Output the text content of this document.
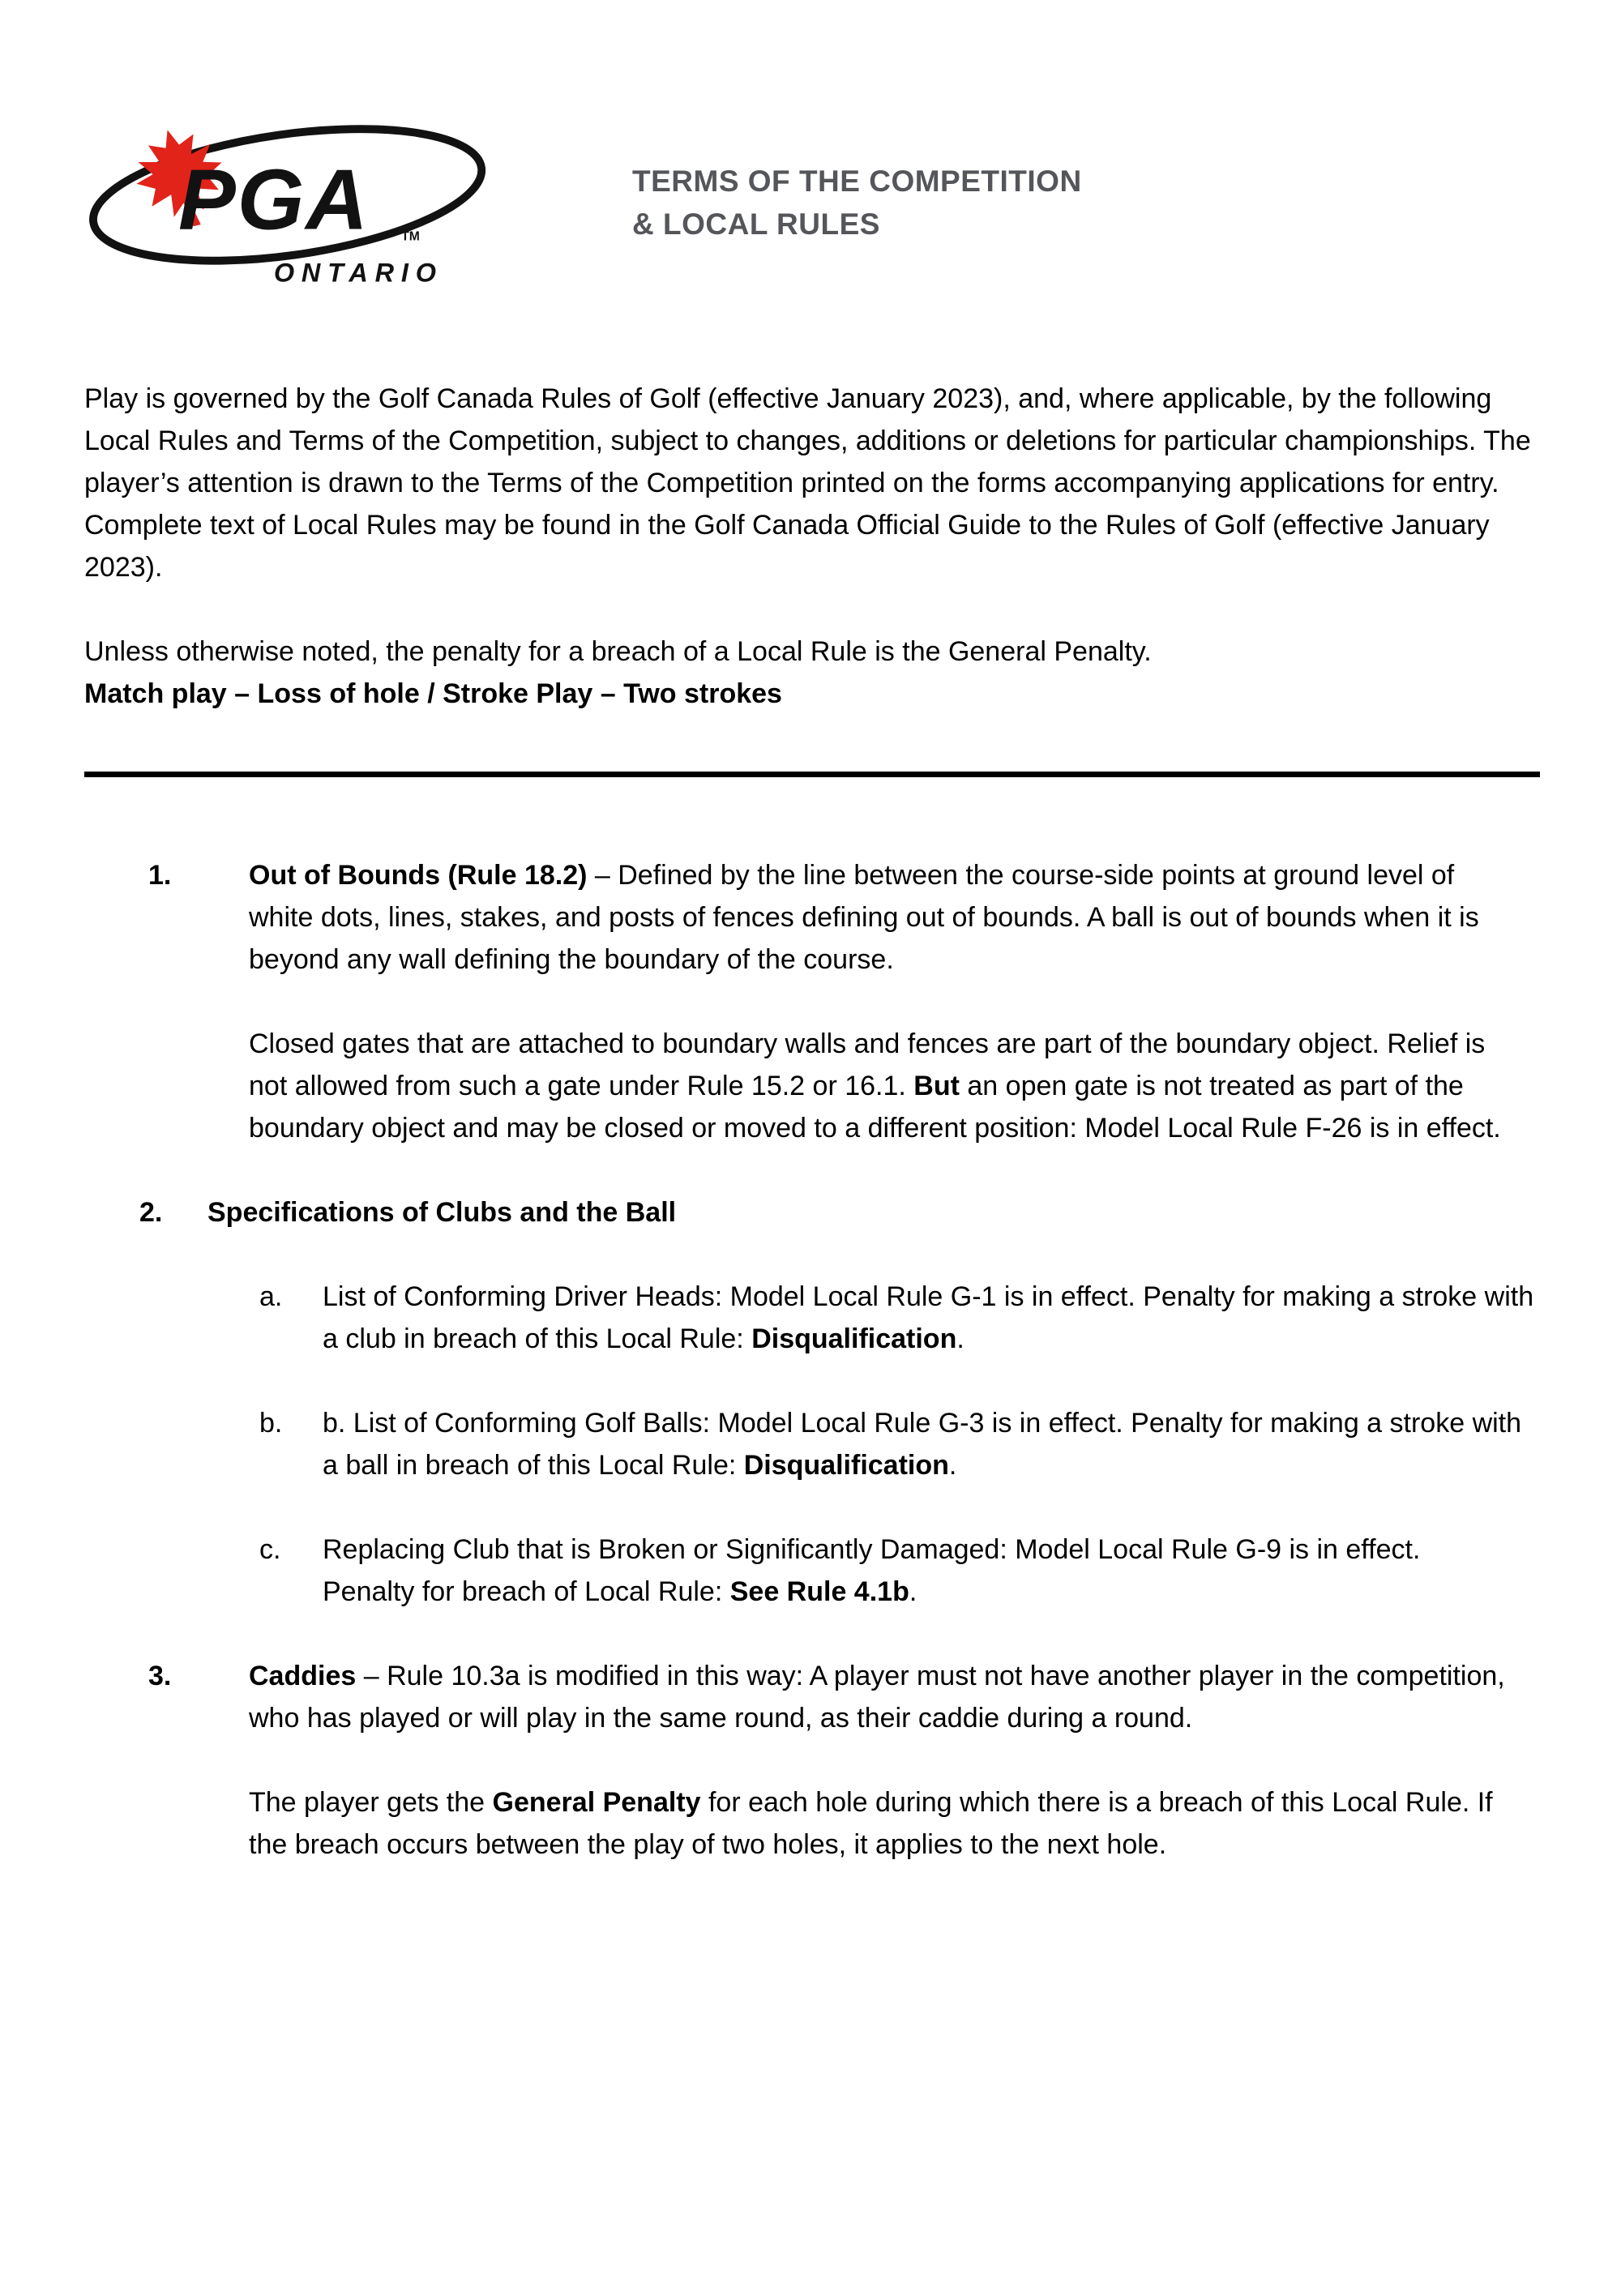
PGA TM
ONTARIO
TERMS OF THE COMPETITION
& LOCAL RULES

Play is governed by the Golf Canada Rules of Golf (effective January 2023), and, where applicable, by the following Local Rules and Terms of the Competition, subject to changes, additions or deletions for particular championships. The player’s attention is drawn to the Terms of the Competition printed on the forms accompanying applications for entry. Complete text of Local Rules may be found in the Golf Canada Official Guide to the Rules of Golf (effective January 2023).

Unless otherwise noted, the penalty for a breach of a Local Rule is the General Penalty.
Match play – Loss of hole / Stroke Play – Two strokes

1.	Out of Bounds (Rule 18.2) – Defined by the line between the course-side points at ground level of white dots, lines, stakes, and posts of fences defining out of bounds. A ball is out of bounds when it is beyond any wall defining the boundary of the course.

Closed gates that are attached to boundary walls and fences are part of the boundary object. Relief is not allowed from such a gate under Rule 15.2 or 16.1. But an open gate is not treated as part of the boundary object and may be closed or moved to a different position: Model Local Rule F-26 is in effect.

2.	Specifications of Clubs and the Ball

a.	List of Conforming Driver Heads: Model Local Rule G-1 is in effect. Penalty for making a stroke with a club in breach of this Local Rule: Disqualification.

b.	b. List of Conforming Golf Balls: Model Local Rule G-3 is in effect. Penalty for making a stroke with a ball in breach of this Local Rule: Disqualification.

c.	Replacing Club that is Broken or Significantly Damaged: Model Local Rule G-9 is in effect.

Penalty for breach of Local Rule: See Rule 4.1b.

3.	Caddies – Rule 10.3a is modified in this way: A player must not have another player in the competition, who has played or will play in the same round, as their caddie during a round.

The player gets the General Penalty for each hole during which there is a breach of this Local Rule. If the breach occurs between the play of two holes, it applies to the next hole.
